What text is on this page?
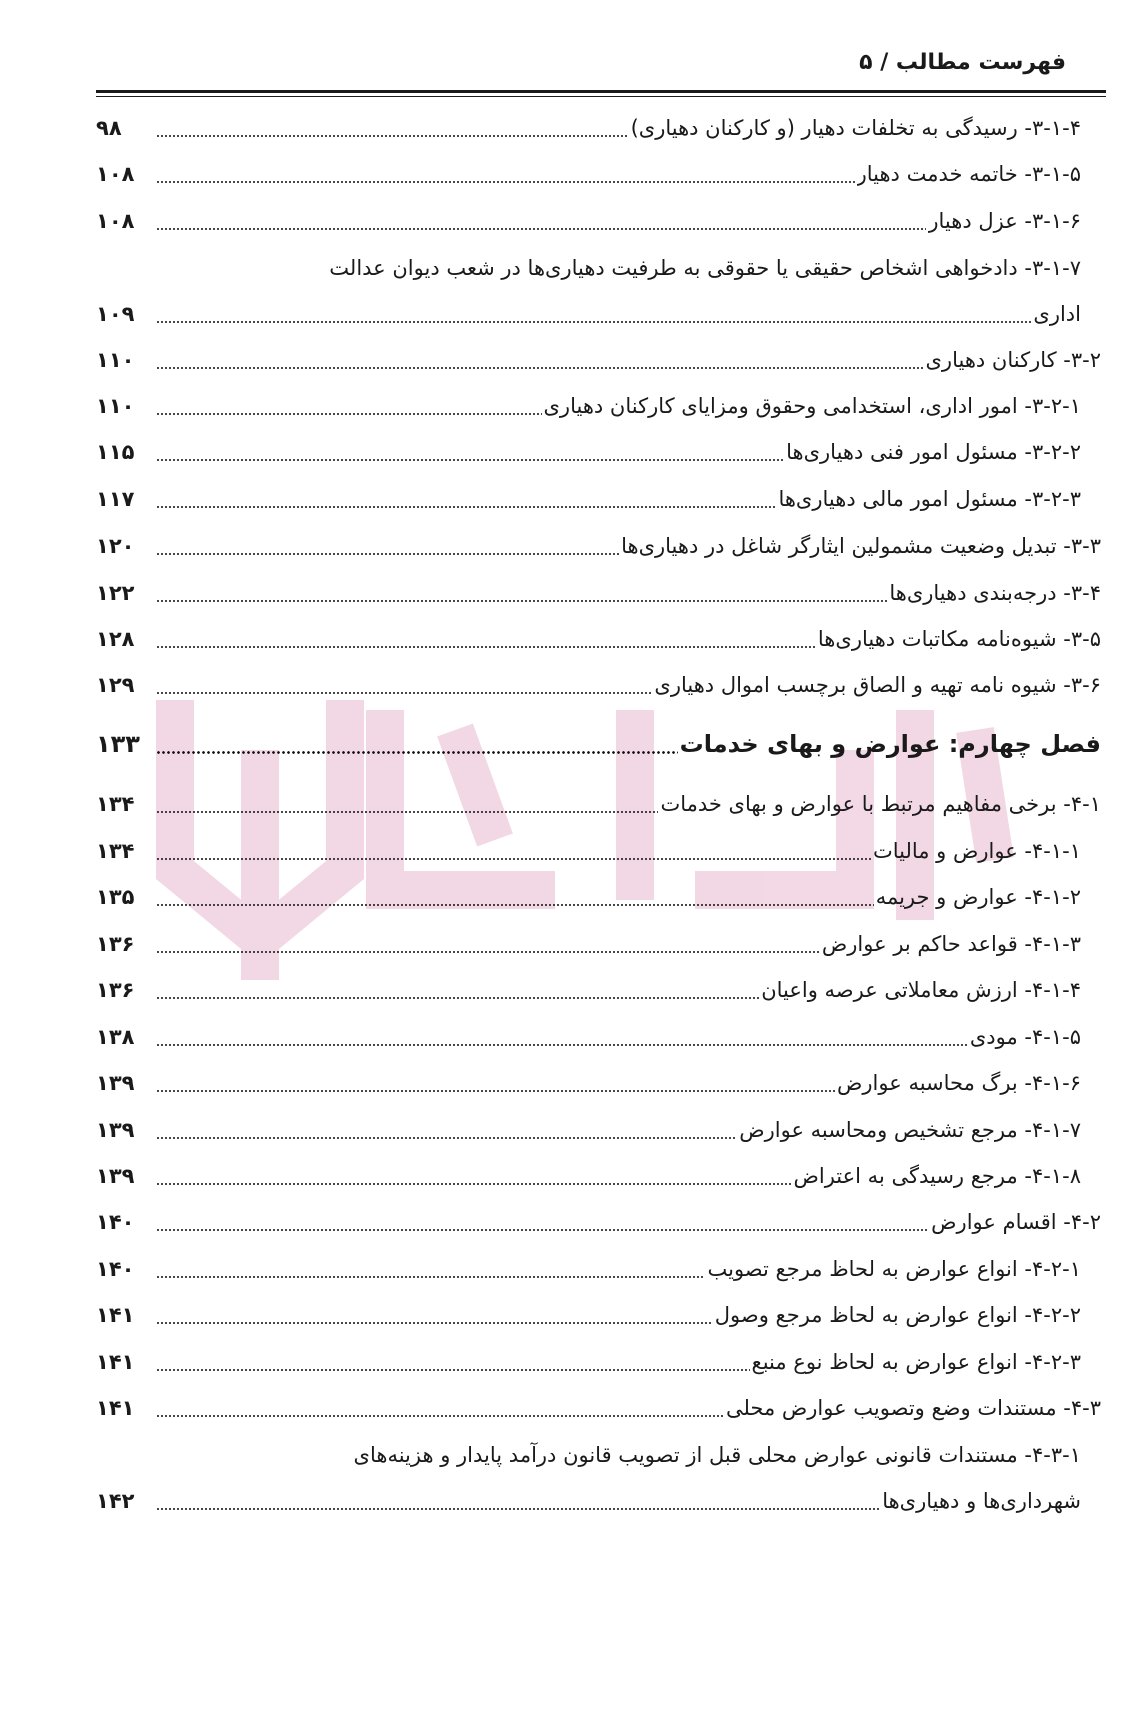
فهرست مطالب / ۵
۳-۱-۴- رسیدگی به تخلفات دهیار (و کارکنان دهیاری)
۹۸
۳-۱-۵- خاتمه خدمت دهیار
۱۰۸
۳-۱-۶- عزل دهیار
۱۰۸
۳-۱-۷- دادخواهی اشخاص حقیقی یا حقوقی به طرفیت دهیاری‌ها در شعب دیوان عدالت
اداری
۱۰۹
۳-۲- کارکنان دهیاری
۱۱۰
۳-۲-۱- امور اداری، استخدامی وحقوق ومزایای کارکنان دهیاری
۱۱۰
۳-۲-۲- مسئول امور فنی دهیاری‌ها
۱۱۵
۳-۲-۳- مسئول امور مالی دهیاری‌ها
۱۱۷
۳-۳- تبدیل وضعیت مشمولین ایثارگر شاغل در دهیاری‌ها
۱۲۰
۳-۴- درجه‌بندی دهیاری‌ها
۱۲۲
۳-۵- شیوه‌نامه مکاتبات دهیاری‌ها
۱۲۸
۳-۶- شیوه نامه تهیه و الصاق برچسب اموال دهیاری
۱۲۹
فصل چهارم: عوارض و بهای خدمات
۱۳۳
۴-۱- برخی مفاهیم مرتبط با عوارض و بهای خدمات
۱۳۴
۴-۱-۱- عوارض و مالیات
۱۳۴
۴-۱-۲- عوارض و جریمه
۱۳۵
۴-۱-۳- قواعد حاکم بر عوارض
۱۳۶
۴-۱-۴- ارزش معاملاتی عرصه واعیان
۱۳۶
۴-۱-۵- مودی
۱۳۸
۴-۱-۶- برگ محاسبه عوارض
۱۳۹
۴-۱-۷- مرجع تشخیص ومحاسبه عوارض
۱۳۹
۴-۱-۸- مرجع رسیدگی به اعتراض
۱۳۹
۴-۲- اقسام عوارض
۱۴۰
۴-۲-۱- انواع عوارض به لحاظ مرجع تصویب
۱۴۰
۴-۲-۲- انواع عوارض به لحاظ مرجع وصول
۱۴۱
۴-۲-۳- انواع عوارض به لحاظ نوع منبع
۱۴۱
۴-۳- مستندات وضع وتصویب عوارض محلی
۱۴۱
۴-۳-۱- مستندات قانونی عوارض محلی قبل از تصویب قانون درآمد پایدار و هزینه‌های
شهرداری‌ها و دهیاری‌ها
۱۴۲
